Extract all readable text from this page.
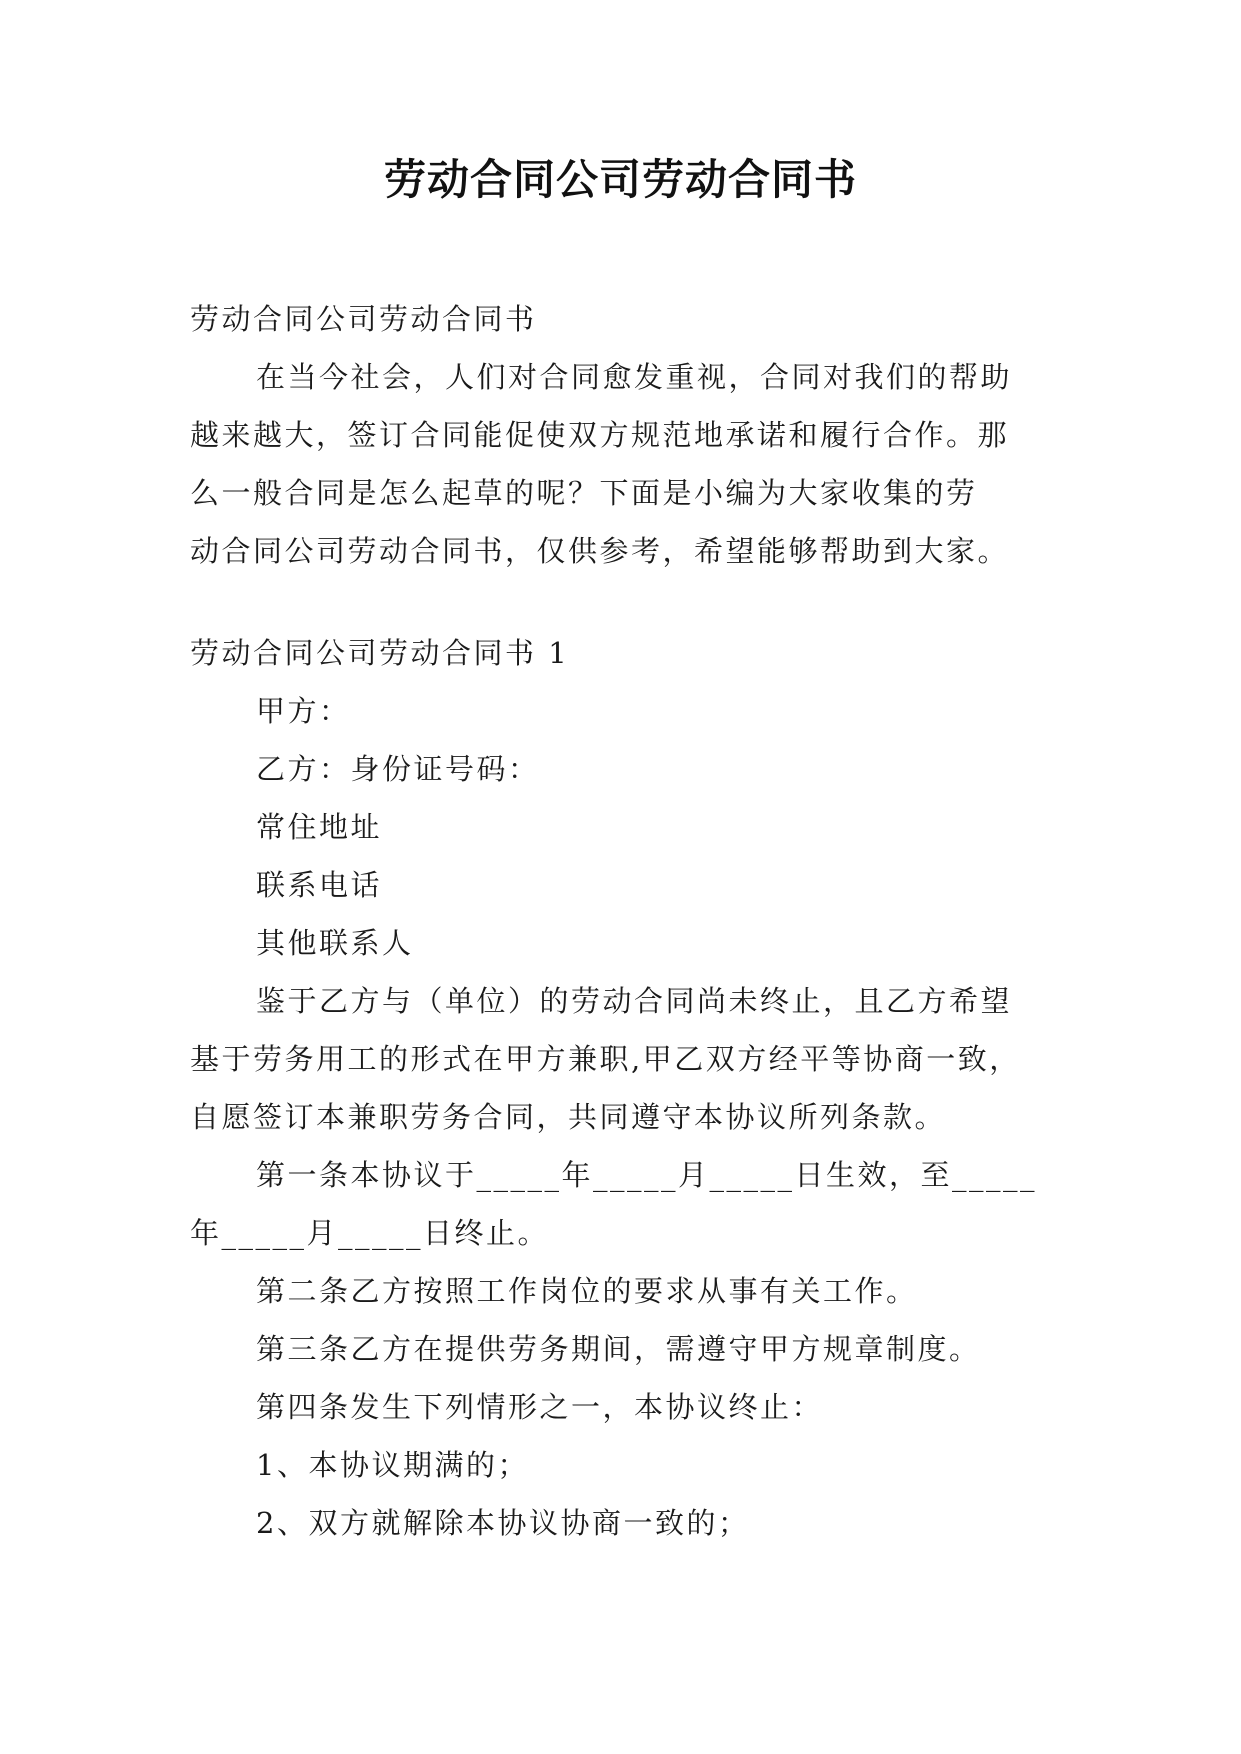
劳动合同公司劳动合同书
劳动合同公司劳动合同书
在当今社会，人们对合同愈发重视，合同对我们的帮助
越来越大，签订合同能促使双方规范地承诺和履行合作。那
么一般合同是怎么起草的呢？下面是小编为大家收集的劳
动合同公司劳动合同书，仅供参考，希望能够帮助到大家。
劳动合同公司劳动合同书 1
甲方：
乙方：身份证号码：
常住地址
联系电话
其他联系人
鉴于乙方与（单位）的劳动合同尚未终止，且乙方希望
基于劳务用工的形式在甲方兼职,甲乙双方经平等协商一致，
自愿签订本兼职劳务合同，共同遵守本协议所列条款。
第一条本协议于_____年_____月_____日生效，至_____
年_____月_____日终止。
第二条乙方按照工作岗位的要求从事有关工作。
第三条乙方在提供劳务期间，需遵守甲方规章制度。
第四条发生下列情形之一，本协议终止：
1、本协议期满的；
2、双方就解除本协议协商一致的；
